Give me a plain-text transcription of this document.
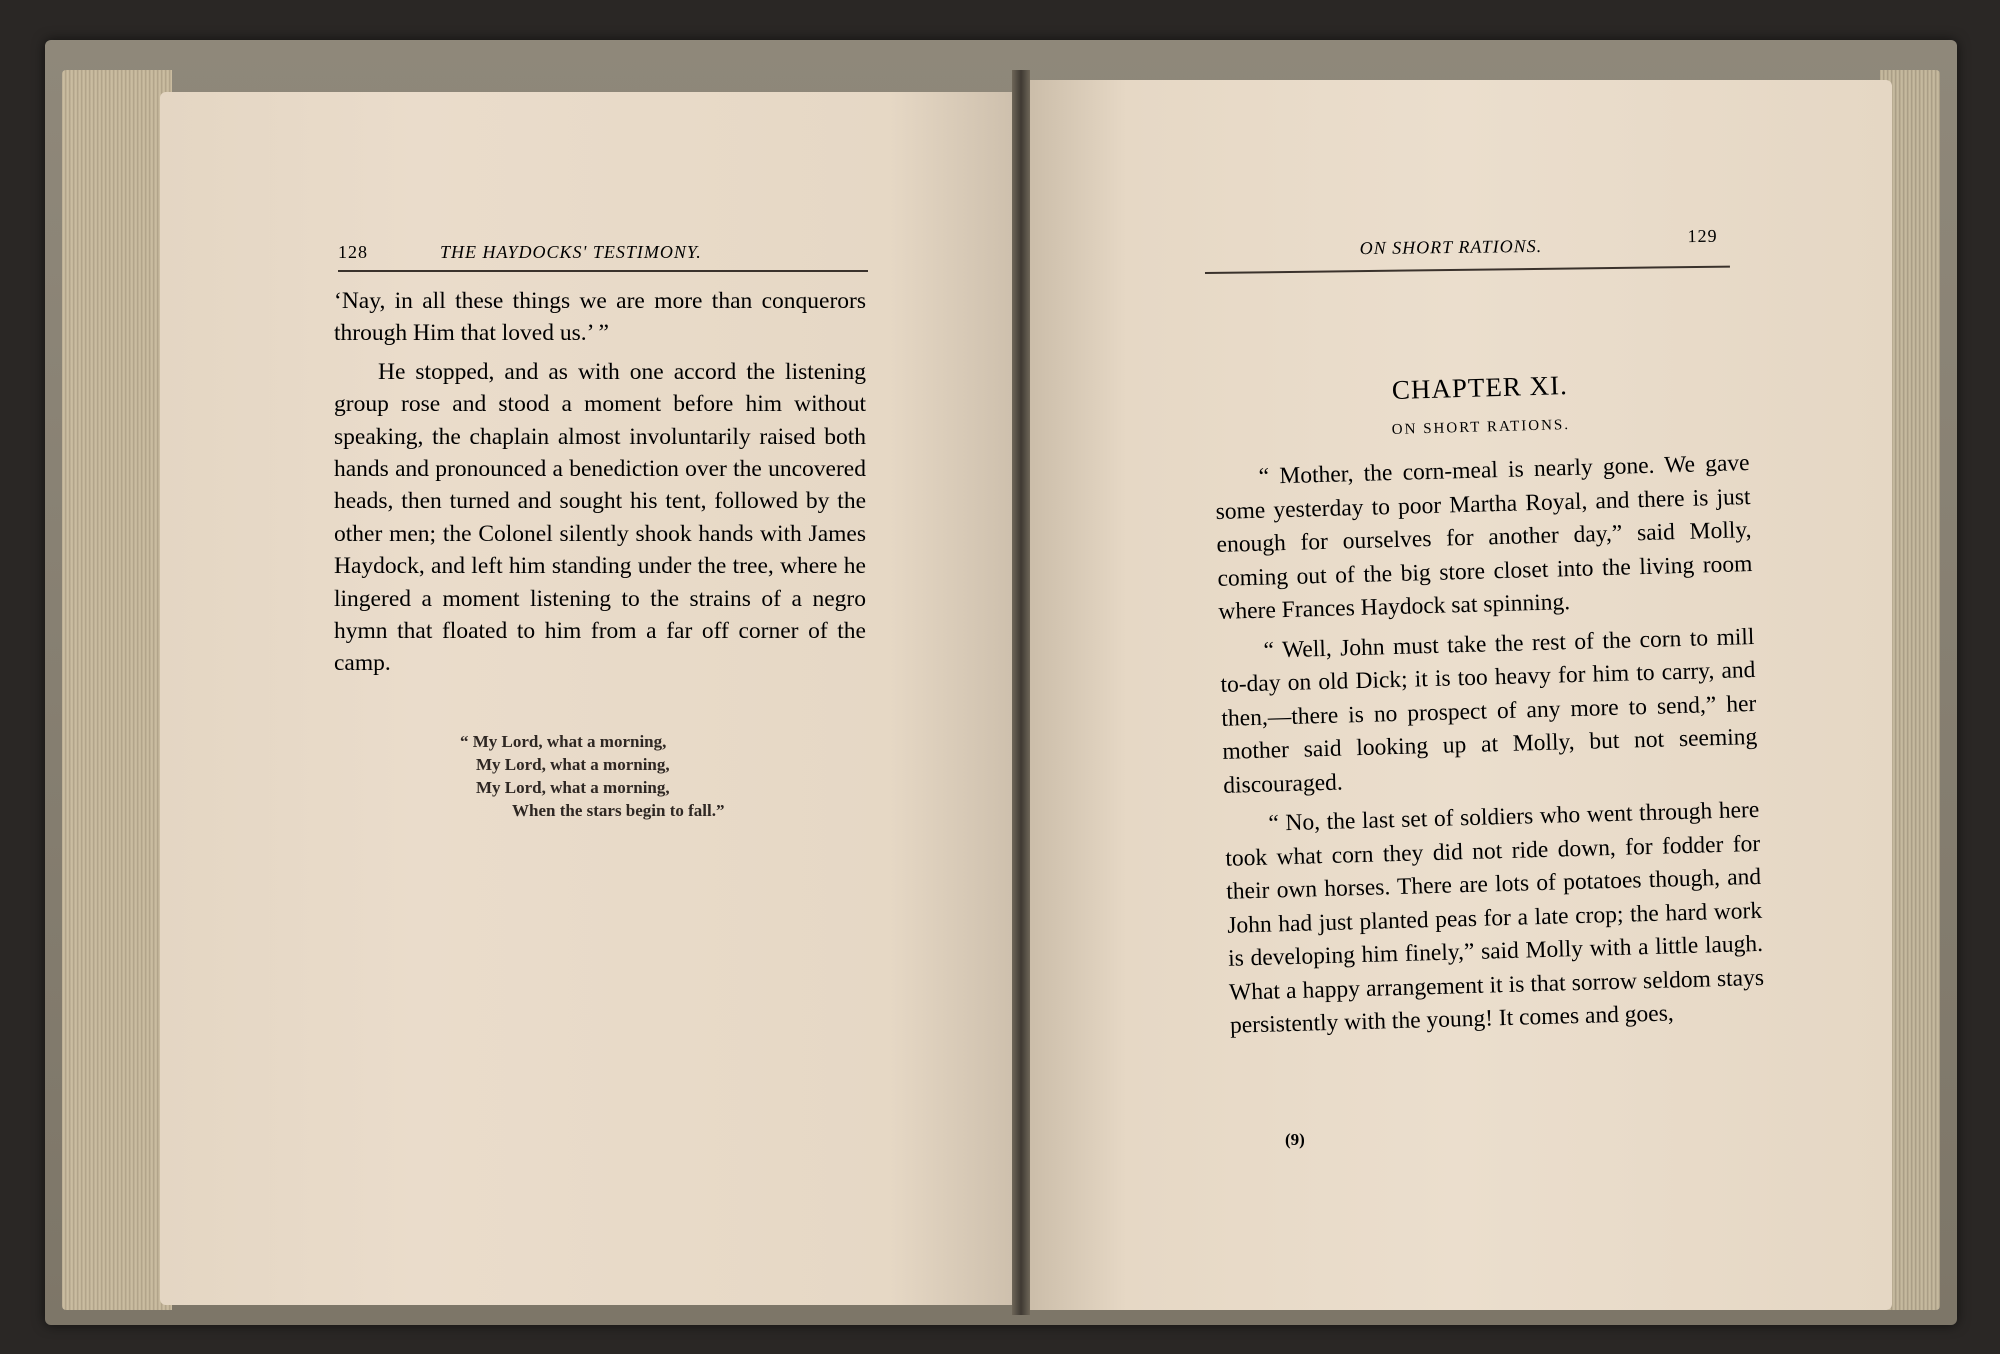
128	THE HAYDOCKS' TESTIMONY.

‘Nay, in all these things we are more than conquerors through Him that loved us.’ ”

He stopped, and as with one accord the listening group rose and stood a moment before him without speaking, the chaplain almost involuntarily raised both hands and pronounced a benediction over the uncovered heads, then turned and sought his tent, followed by the other men; the Colonel silently shook hands with James Haydock, and left him standing under the tree, where he lingered a moment listening to the strains of a negro hymn that floated to him from a far off corner of the camp.

“ My Lord, what a morning,
My Lord, what a morning,
My Lord, what a morning,
When the stars begin to fall.”
ON SHORT RATIONS.	129
CHAPTER XI.
ON SHORT RATIONS.

“ Mother, the corn-meal is nearly gone. We gave some yesterday to poor Martha Royal, and there is just enough for ourselves for another day,” said Molly, coming out of the big store closet into the living room where Frances Haydock sat spinning.

“ Well, John must take the rest of the corn to mill to-day on old Dick; it is too heavy for him to carry, and then,—there is no prospect of any more to send,” her mother said looking up at Molly, but not seeming discouraged.

“ No, the last set of soldiers who went through here took what corn they did not ride down, for fodder for their own horses. There are lots of potatoes though, and John had just planted peas for a late crop; the hard work is developing him finely,” said Molly with a little laugh. What a happy arrangement it is that sorrow seldom stays persistently with the young! It comes and goes,

(9)
